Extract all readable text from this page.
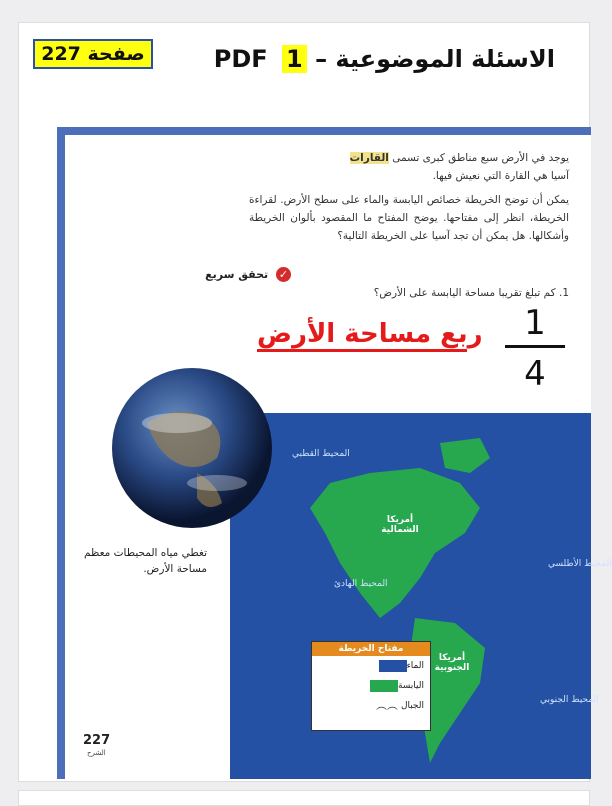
صفحة 227	الاسئلة الموضوعية – PDF 1
يوجد في الأرض سبع مناطق كبرى تسمى القارات
آسيا هي القارة التي نعيش فيها.
يمكن أن توضح الخريطة خصائص اليابسة والماء على سطح الأرض. لقراءة الخريطة، انظر إلى مفتاحها. يوضح المفتاح ما المقصود بألوان الخريطة وأشكالها. هل يمكن أن تجد آسيا على الخريطة التالية؟
✓ تحقق سريع
1. كم تبلغ تقريبا مساحة اليابسة على الأرض؟
ربع مساحة الأرض	1
4
المحيط القطبي
المحيط الأطلسي
المحيط الهادئ
المحيط الجنوبي
أمريكا الشمالية
أمريكا الجنوبية
مفتاح الخريطة
الماء
اليابسة
الجبال
︵︵
تغطي مياه المحيطات معظم مساحة الأرض.
227
الشرح
